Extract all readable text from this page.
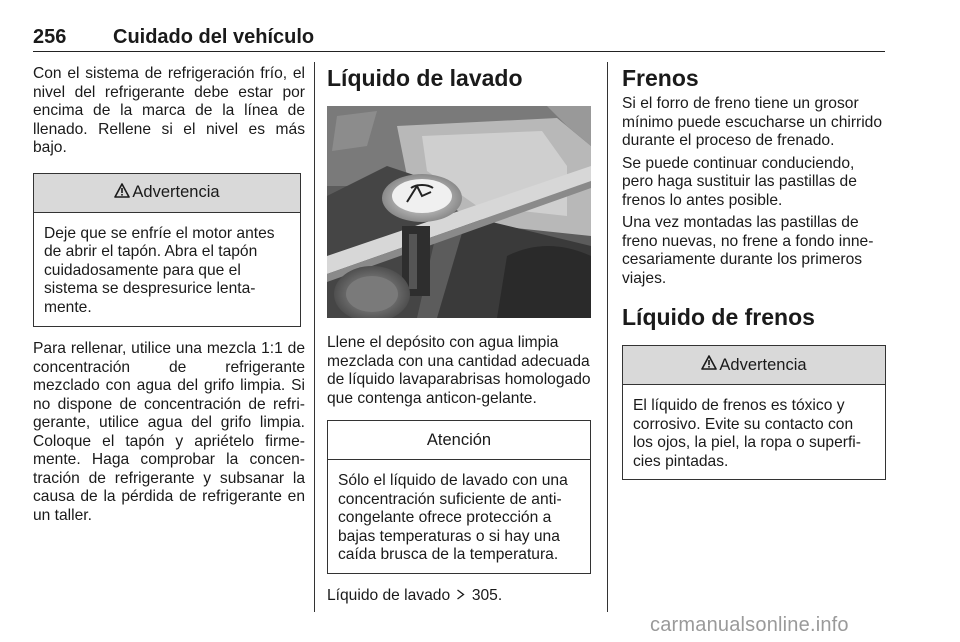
256 Cuidado del vehículo

Con el sistema de refrigeración frío, el nivel del refrigerante debe estar por encima de la marca de la línea de llenado. Rellene si el nivel es más bajo.

Advertencia
Deje que se enfríe el motor antes de abrir el tapón. Abra el tapón cuidadosamente para que el sistema se despresurice lenta-mente.

Para rellenar, utilice una mezcla 1:1 de concentración de refrigerante mezclado con agua del grifo limpia. Si no dispone de concentración de refri-gerante, utilice agua del grifo limpia. Coloque el tapón y apriételo firme-mente. Haga comprobar la concen-tración de refrigerante y subsanar la causa de la pérdida de refrigerante en un taller.

Líquido de lavado

Llene el depósito con agua limpia mezclada con una cantidad adecuada de líquido lavaparabrisas homologado que contenga anticon-gelante.

Atención
Sólo el líquido de lavado con una concentración suficiente de anti-congelante ofrece protección a bajas temperaturas o si hay una caída brusca de la temperatura.

Líquido de lavado 305.

Frenos

Si el forro de freno tiene un grosor mínimo puede escucharse un chirrido durante el proceso de frenado.

Se puede continuar conduciendo, pero haga sustituir las pastillas de frenos lo antes posible.

Una vez montadas las pastillas de freno nuevas, no frene a fondo inne-cesariamente durante los primeros viajes.

Líquido de frenos
Advertencia
El líquido de frenos es tóxico y corrosivo. Evite su contacto con los ojos, la piel, la ropa o superfi-cies pintadas.
carmanualsonline.info
